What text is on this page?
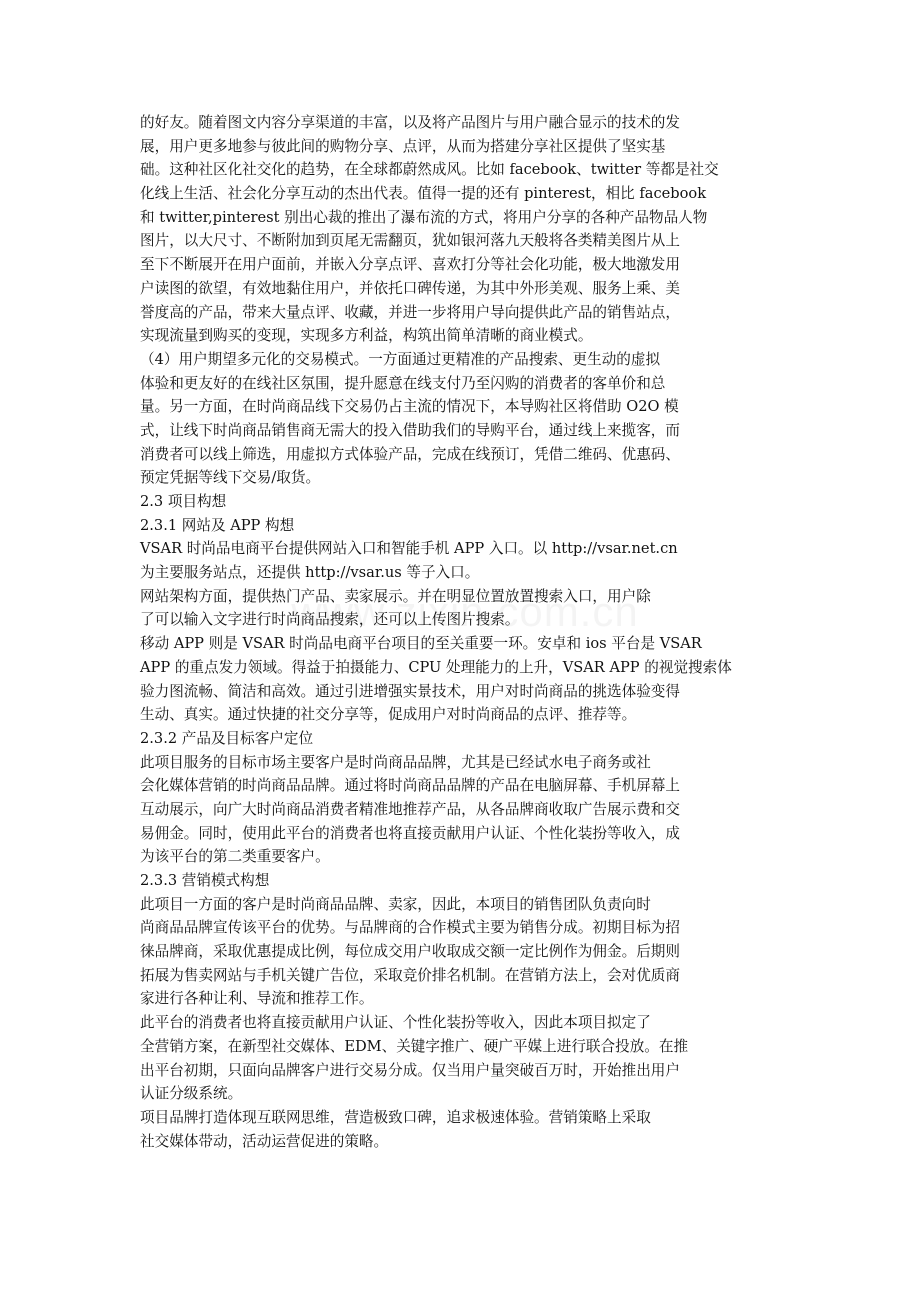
的好友。随着图文内容分享渠道的丰富，以及将产品图片与用户融合显示的技术的发
展，用户更多地参与彼此间的购物分享、点评，从而为搭建分享社区提供了坚实基
础。这种社区化社交化的趋势，在全球都蔚然成风。比如 facebook、twitter 等都是社交
化线上生活、社会化分享互动的杰出代表。值得一提的还有 pinterest，相比 facebook
和 twitter,pinterest 别出心裁的推出了瀑布流的方式，将用户分享的各种产品物品人物
图片，以大尺寸、不断附加到页尾无需翻页，犹如银河落九天般将各类精美图片从上
至下不断展开在用户面前，并嵌入分享点评、喜欢打分等社会化功能，极大地激发用
户读图的欲望，有效地黏住用户，并依托口碑传递，为其中外形美观、服务上乘、美
誉度高的产品，带来大量点评、收藏，并进一步将用户导向提供此产品的销售站点，
实现流量到购买的变现，实现多方利益，构筑出简单清晰的商业模式。
（4）用户期望多元化的交易模式。一方面通过更精准的产品搜索、更生动的虚拟
体验和更友好的在线社区氛围，提升愿意在线支付乃至闪购的消费者的客单价和总
量。另一方面，在时尚商品线下交易仍占主流的情况下，本导购社区将借助 O2O 模
式，让线下时尚商品销售商无需大的投入借助我们的导购平台，通过线上来揽客，而
消费者可以线上筛选，用虚拟方式体验产品，完成在线预订，凭借二维码、优惠码、
预定凭据等线下交易/取货。
2.3 项目构想
2.3.1 网站及 APP 构想
VSAR 时尚品电商平台提供网站入口和智能手机 APP 入口。以 http://vsar.net.cn
为主要服务站点，还提供 http://vsar.us 等子入口。
网站架构方面，提供热门产品、卖家展示。并在明显位置放置搜索入口，用户除
了可以输入文字进行时尚商品搜索，还可以上传图片搜索。
移动 APP 则是 VSAR 时尚品电商平台项目的至关重要一环。安卓和 ios 平台是 VSAR
APP 的重点发力领域。得益于拍摄能力、CPU 处理能力的上升，VSAR APP 的视觉搜索体
验力图流畅、简洁和高效。通过引进增强实景技术，用户对时尚商品的挑选体验变得
生动、真实。通过快捷的社交分享等，促成用户对时尚商品的点评、推荐等。
2.3.2 产品及目标客户定位
此项目服务的目标市场主要客户是时尚商品品牌，尤其是已经试水电子商务或社
会化媒体营销的时尚商品品牌。通过将时尚商品品牌的产品在电脑屏幕、手机屏幕上
互动展示，向广大时尚商品消费者精准地推荐产品，从各品牌商收取广告展示费和交
易佣金。同时，使用此平台的消费者也将直接贡献用户认证、个性化装扮等收入，成
为该平台的第二类重要客户。
2.3.3 营销模式构想
此项目一方面的客户是时尚商品品牌、卖家，因此，本项目的销售团队负责向时
尚商品品牌宣传该平台的优势。与品牌商的合作模式主要为销售分成。初期目标为招
徕品牌商，采取优惠提成比例，每位成交用户收取成交额一定比例作为佣金。后期则
拓展为售卖网站与手机关键广告位，采取竞价排名机制。在营销方法上，会对优质商
家进行各种让利、导流和推荐工作。
此平台的消费者也将直接贡献用户认证、个性化装扮等收入，因此本项目拟定了
全营销方案，在新型社交媒体、EDM、关键字推广、硬广平媒上进行联合投放。在推
出平台初期，只面向品牌客户进行交易分成。仅当用户量突破百万时，开始推出用户
认证分级系统。
项目品牌打造体现互联网思维，营造极致口碑，追求极速体验。营销策略上采取
社交媒体带动，活动运营促进的策略。
